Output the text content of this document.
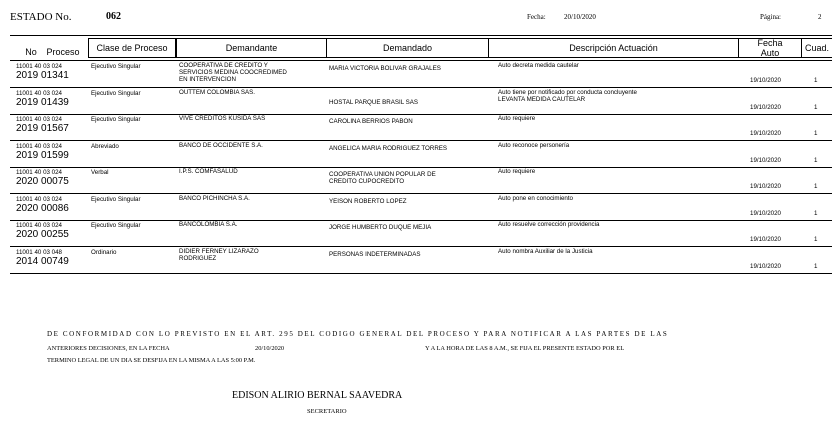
ESTADO No.	062	Fecha:	20/10/2020	Página:	2
No	Proceso	Clase de Proceso	Demandante	Demandado	Descripción Actuación	Fecha
Auto	Cuad.
11001 40 03 024
2019 01341
Ejecutivo Singular	COOPERATIVA DE CREDITO Y
SERVICIOS MEDINA COOCREDIMED
EN INTERVENCION
MARIA VICTORIA BOLIVAR GRAJALES	Auto decreta medida cautelar
19/10/2020	1
11001 40 03 024
2019 01439
Ejecutivo Singular	OUTTEM COLOMBIA SAS.
HOSTAL PARQUE BRASIL SAS
Auto tiene por notificado por conducta concluyente
LEVANTA MEDIDA CAUTELAR
19/10/2020	1
11001 40 03 024
2019 01567
Ejecutivo Singular	VIVE CREDITOS KUSIDA SAS	CAROLINA BERRIOS PABON	Auto requiere
19/10/2020	1
11001 40 03 024
2019 01599
Abreviado	BANCO DE OCCIDENTE S.A.	ANGELICA MARIA RODRIGUEZ TORRES	Auto reconoce personería
19/10/2020	1
11001 40 03 024
2020 00075
Verbal	I.P.S. COMFASALUD	COOPERATIVA UNION POPULAR DE
CREDITO CUPOCREDITO
Auto requiere
19/10/2020	1
11001 40 03 024
2020 00086
Ejecutivo Singular	BANCO PICHINCHA S.A.	YEISON ROBERTO LOPEZ	Auto pone en conocimiento
19/10/2020	1
11001 40 03 024
2020 00255
Ejecutivo Singular	BANCOLOMBIA S.A.	JORGE HUMBERTO DUQUE MEJIA	Auto resuelve corrección providencia
19/10/2020	1
11001 40 03 048
2014 00749
Ordinario	DIDIER FERNEY LIZARAZO
RODRIGUEZ
PERSONAS INDETERMINADAS	Auto nombra Auxiliar de la Justicia
19/10/2020	1
DE CONFORMIDAD CON LO PREVISTO EN EL ART. 295 DEL CODIGO GENERAL DEL PROCESO Y PARA NOTIFICAR A LAS PARTES DE LAS
ANTERIORES DECISIONES, EN LA FECHA	20/10/2020	Y A LA HORA DE LAS 8 A.M., SE FIJA EL PRESENTE ESTADO POR EL
TERMINO LEGAL DE UN DIA SE DESFIJA EN LA MISMA A LAS 5:00 P.M.
EDISON ALIRIO BERNAL SAAVEDRA
SECRETARIO
